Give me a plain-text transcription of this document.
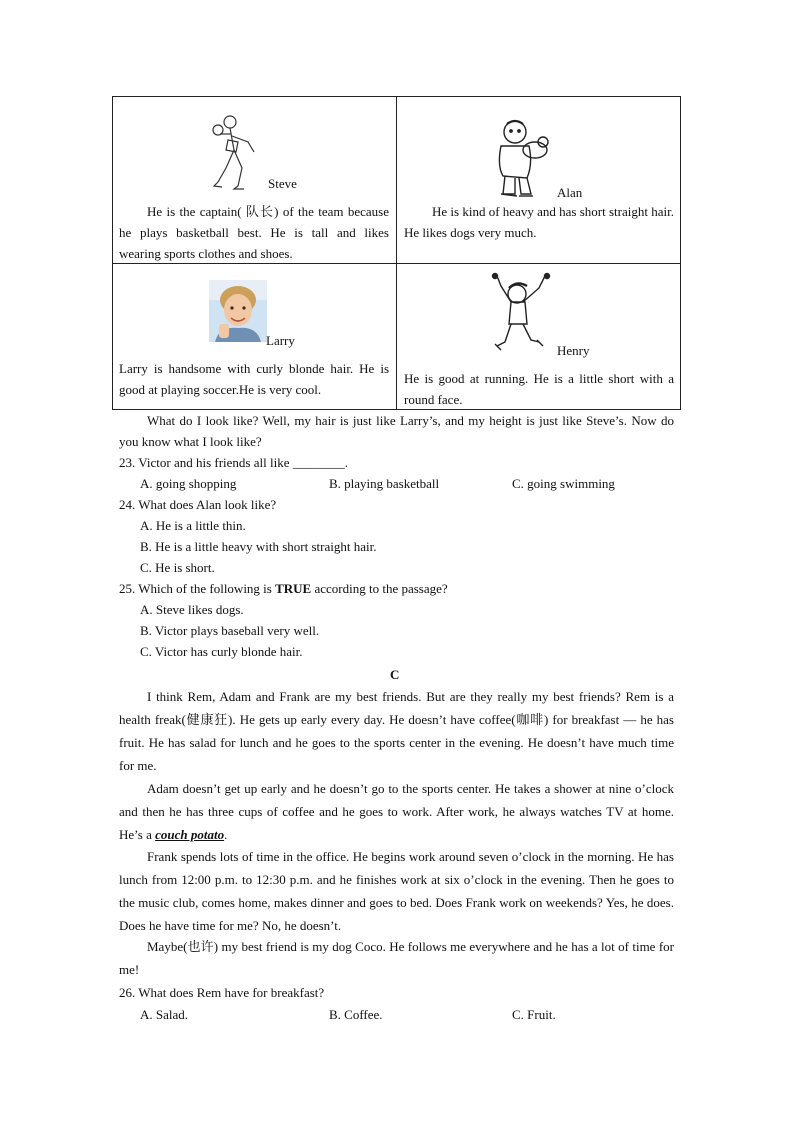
Steve
He is the captain( 队长) of the team because he plays basketball best. He is tall and likes wearing sports clothes and shoes.
Alan
He is kind of heavy and has short straight hair. He likes dogs very much.
Larry
Larry is handsome with curly blonde hair. He is good at playing soccer.He is very cool.
Henry
He is good at running. He is a little short with a round face.
What do I look like? Well, my hair is just like Larry’s, and my height is just like Steve’s. Now do you know what I look like?
23. Victor and his friends all like ________.
A. going shopping	B. playing basketball	C. going swimming
24. What does Alan look like?
A. He is a little thin.
B. He is a little heavy with short straight hair.
C. He is short.
25. Which of the following is TRUE according to the passage?
A. Steve likes dogs.
B. Victor plays baseball very well.
C. Victor has curly blonde hair.
C
I think Rem, Adam and Frank are my best friends. But are they really my best friends? Rem is a health freak(健康狂). He gets up early every day. He doesn’t have coffee(咖啡) for breakfast — he has fruit. He has salad for lunch and he goes to the sports center in the evening. He doesn’t have much time for me.
Adam doesn’t get up early and he doesn’t go to the sports center. He takes a shower at nine o’clock and then he has three cups of coffee and he goes to work. After work, he always watches TV at home. He’s a couch potato.
Frank spends lots of time in the office. He begins work around seven o’clock in the morning. He has lunch from 12:00 p.m. to 12:30 p.m. and he finishes work at six o’clock in the evening. Then he goes to the music club, comes home, makes dinner and goes to bed. Does Frank work on weekends? Yes, he does. Does he have time for me? No, he doesn’t.
Maybe(也许) my best friend is my dog Coco. He follows me everywhere and he has a lot of time for me!
26. What does Rem have for breakfast?
A. Salad.	B. Coffee.	C. Fruit.
